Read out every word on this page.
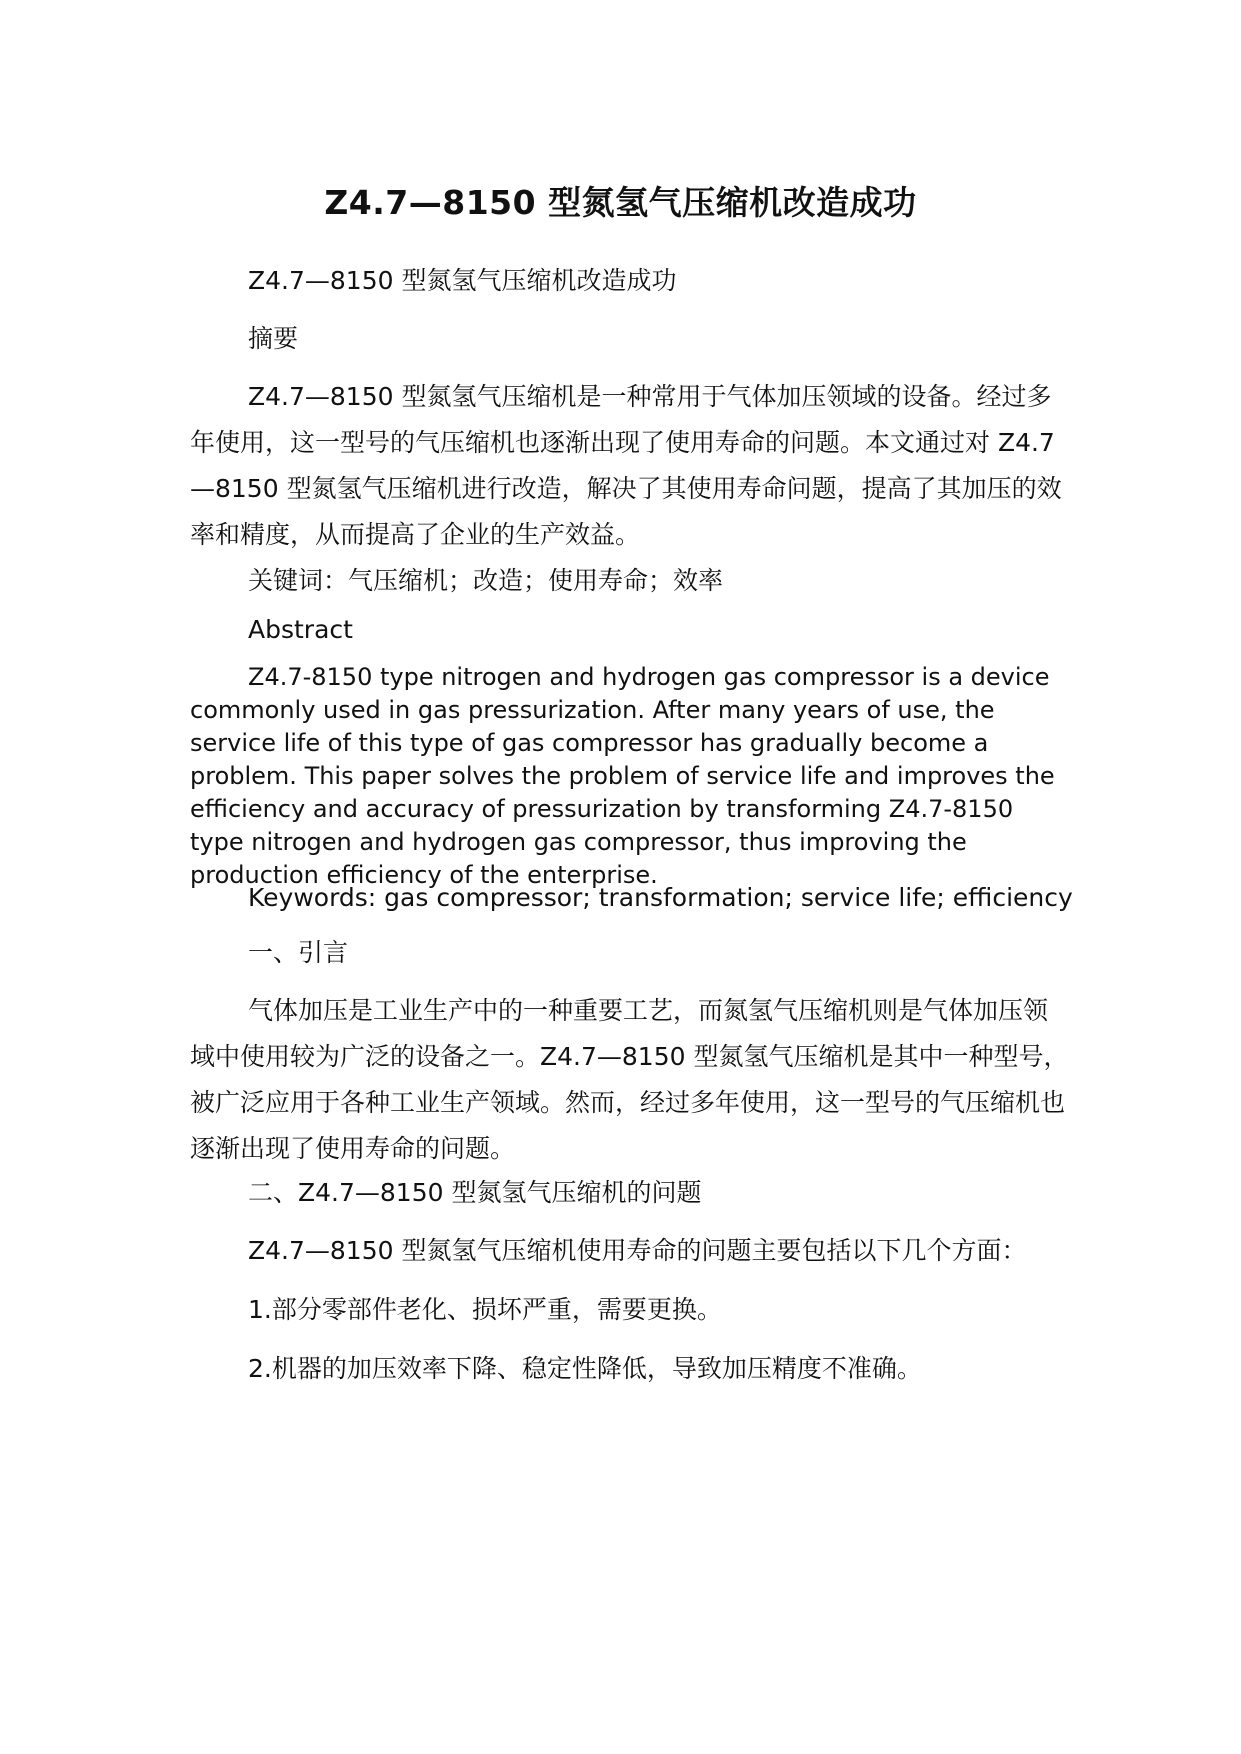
Z4.7—8150 型氮氢气压缩机改造成功

Z4.7—8150 型氮氢气压缩机改造成功

摘要

Z4.7—8150 型氮氢气压缩机是一种常用于气体加压领域的设备。经过多年使用，这一型号的气压缩机也逐渐出现了使用寿命的问题。本文通过对 Z4.7—8150 型氮氢气压缩机进行改造，解决了其使用寿命问题，提高了其加压的效率和精度，从而提高了企业的生产效益。

关键词：气压缩机；改造；使用寿命；效率

Abstract

Z4.7-8150 type nitrogen and hydrogen gas compressor is a device commonly used in gas pressurization. After many years of use, the service life of this type of gas compressor has gradually become a problem. This paper solves the problem of service life and improves the efficiency and accuracy of pressurization by transforming Z4.7-8150 type nitrogen and hydrogen gas compressor, thus improving the production efficiency of the enterprise.

Keywords: gas compressor; transformation; service life; efficiency

一、引言

气体加压是工业生产中的一种重要工艺，而氮氢气压缩机则是气体加压领域中使用较为广泛的设备之一。Z4.7—8150 型氮氢气压缩机是其中一种型号，被广泛应用于各种工业生产领域。然而，经过多年使用，这一型号的气压缩机也逐渐出现了使用寿命的问题。

二、Z4.7—8150 型氮氢气压缩机的问题

Z4.7—8150 型氮氢气压缩机使用寿命的问题主要包括以下几个方面：

1.部分零部件老化、损坏严重，需要更换。

2.机器的加压效率下降、稳定性降低，导致加压精度不准确。
